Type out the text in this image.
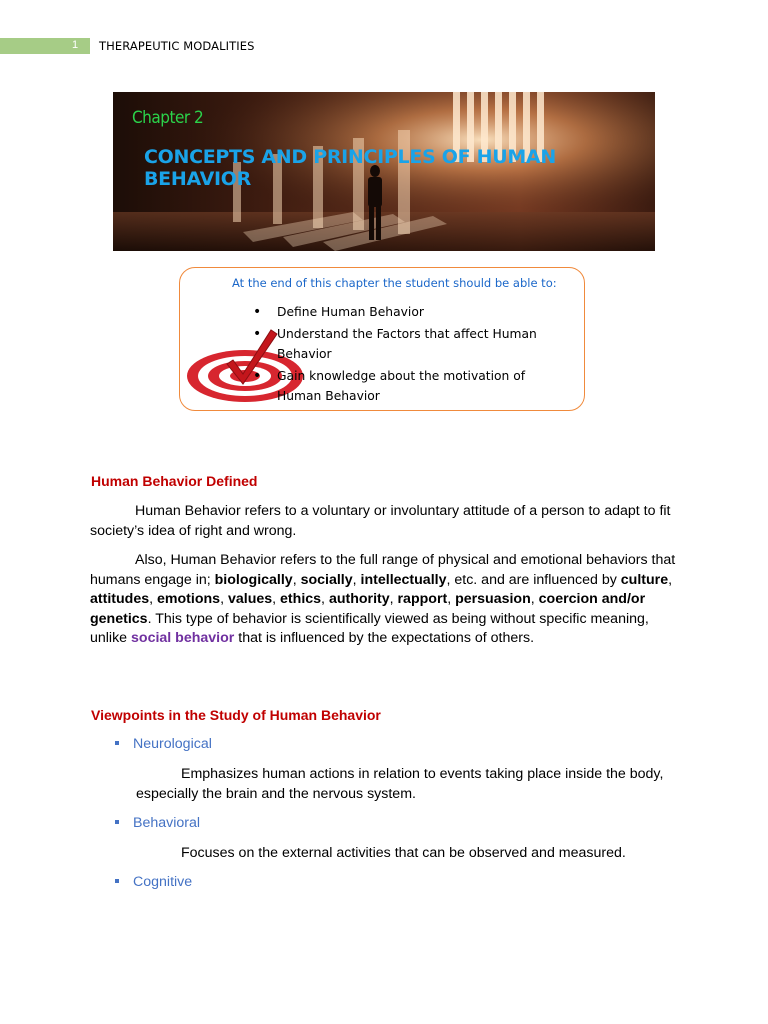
1 THERAPEUTIC MODALITIES
Chapter 2
CONCEPTS AND PRINCIPLES OF HUMAN BEHAVIOR
At the end of this chapter the student should be able to:
• Define Human Behavior
• Understand the Factors that affect Human Behavior
• Gain knowledge about the motivation of Human Behavior
Human Behavior Defined
Human Behavior refers to a voluntary or involuntary attitude of a person to adapt to fit society’s idea of right and wrong.
Also, Human Behavior refers to the full range of physical and emotional behaviors that humans engage in; biologically, socially, intellectually, etc. and are influenced by culture, attitudes, emotions, values, ethics, authority, rapport, persuasion, coercion and/or genetics. This type of behavior is scientifically viewed as being without specific meaning, unlike social behavior that is influenced by the expectations of others.
Viewpoints in the Study of Human Behavior
Neurological
Emphasizes human actions in relation to events taking place inside the body, especially the brain and the nervous system.
Behavioral
Focuses on the external activities that can be observed and measured.
Cognitive
